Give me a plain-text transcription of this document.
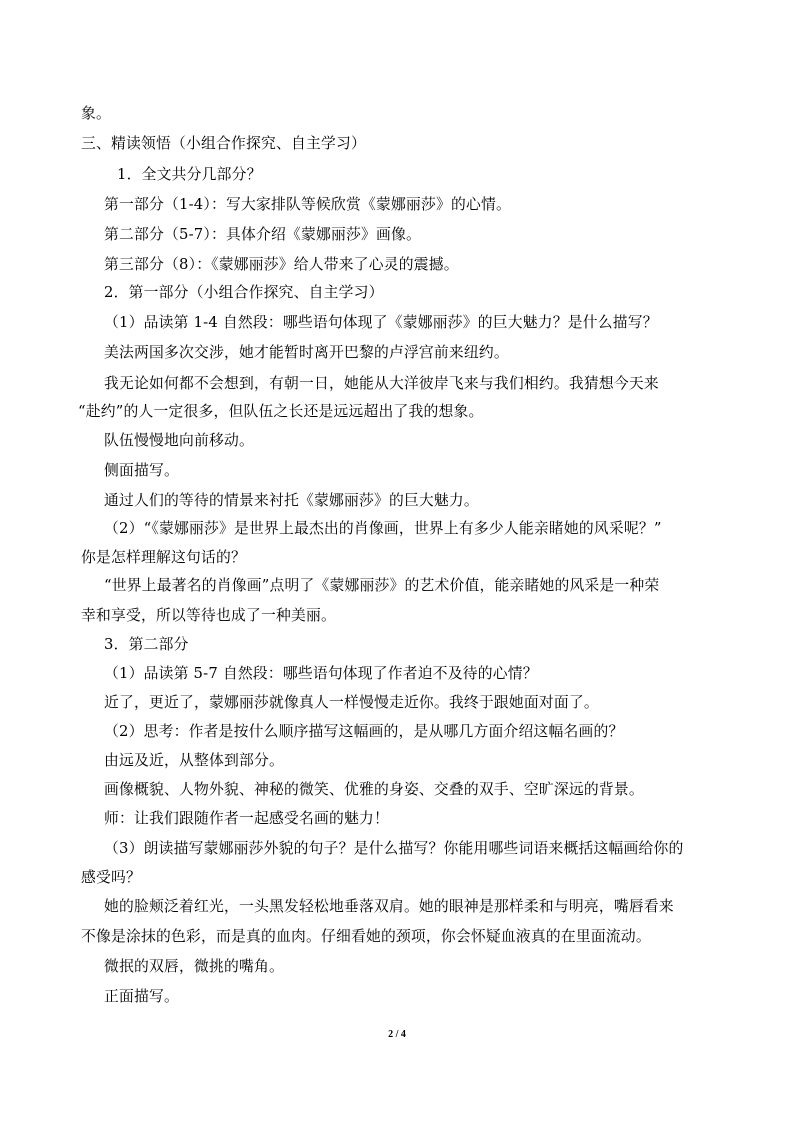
象。
三、精读领悟（小组合作探究、自主学习）
1．全文共分几部分？
第一部分（1-4）：写大家排队等候欣赏《蒙娜丽莎》的心情。
第二部分（5-7）：具体介绍《蒙娜丽莎》画像。
第三部分（8）：《蒙娜丽莎》给人带来了心灵的震撼。
2．第一部分（小组合作探究、自主学习）
（1）品读第 1-4 自然段：哪些语句体现了《蒙娜丽莎》的巨大魅力？是什么描写？
美法两国多次交涉，她才能暂时离开巴黎的卢浮宫前来纽约。
我无论如何都不会想到，有朝一日，她能从大洋彼岸飞来与我们相约。我猜想今天来
“赴约”的人一定很多，但队伍之长还是远远超出了我的想象。
队伍慢慢地向前移动。
侧面描写。
通过人们的等待的情景来衬托《蒙娜丽莎》的巨大魅力。
（2）“《蒙娜丽莎》是世界上最杰出的肖像画，世界上有多少人能亲睹她的风采呢？”
你是怎样理解这句话的？
“世界上最著名的肖像画”点明了《蒙娜丽莎》的艺术价值，能亲睹她的风采是一种荣
幸和享受，所以等待也成了一种美丽。
3．第二部分
（1）品读第 5-7 自然段：哪些语句体现了作者迫不及待的心情？
近了，更近了，蒙娜丽莎就像真人一样慢慢走近你。我终于跟她面对面了。
（2）思考：作者是按什么顺序描写这幅画的，是从哪几方面介绍这幅名画的？
由远及近，从整体到部分。
画像概貌、人物外貌、神秘的微笑、优雅的身姿、交叠的双手、空旷深远的背景。
师：让我们跟随作者一起感受名画的魅力！
（3）朗读描写蒙娜丽莎外貌的句子？是什么描写？你能用哪些词语来概括这幅画给你的
感受吗？
她的脸颊泛着红光，一头黑发轻松地垂落双肩。她的眼神是那样柔和与明亮，嘴唇看来
不像是涂抹的色彩，而是真的血肉。仔细看她的颈项，你会怀疑血液真的在里面流动。
微抿的双唇，微挑的嘴角。
正面描写。
2 / 4
